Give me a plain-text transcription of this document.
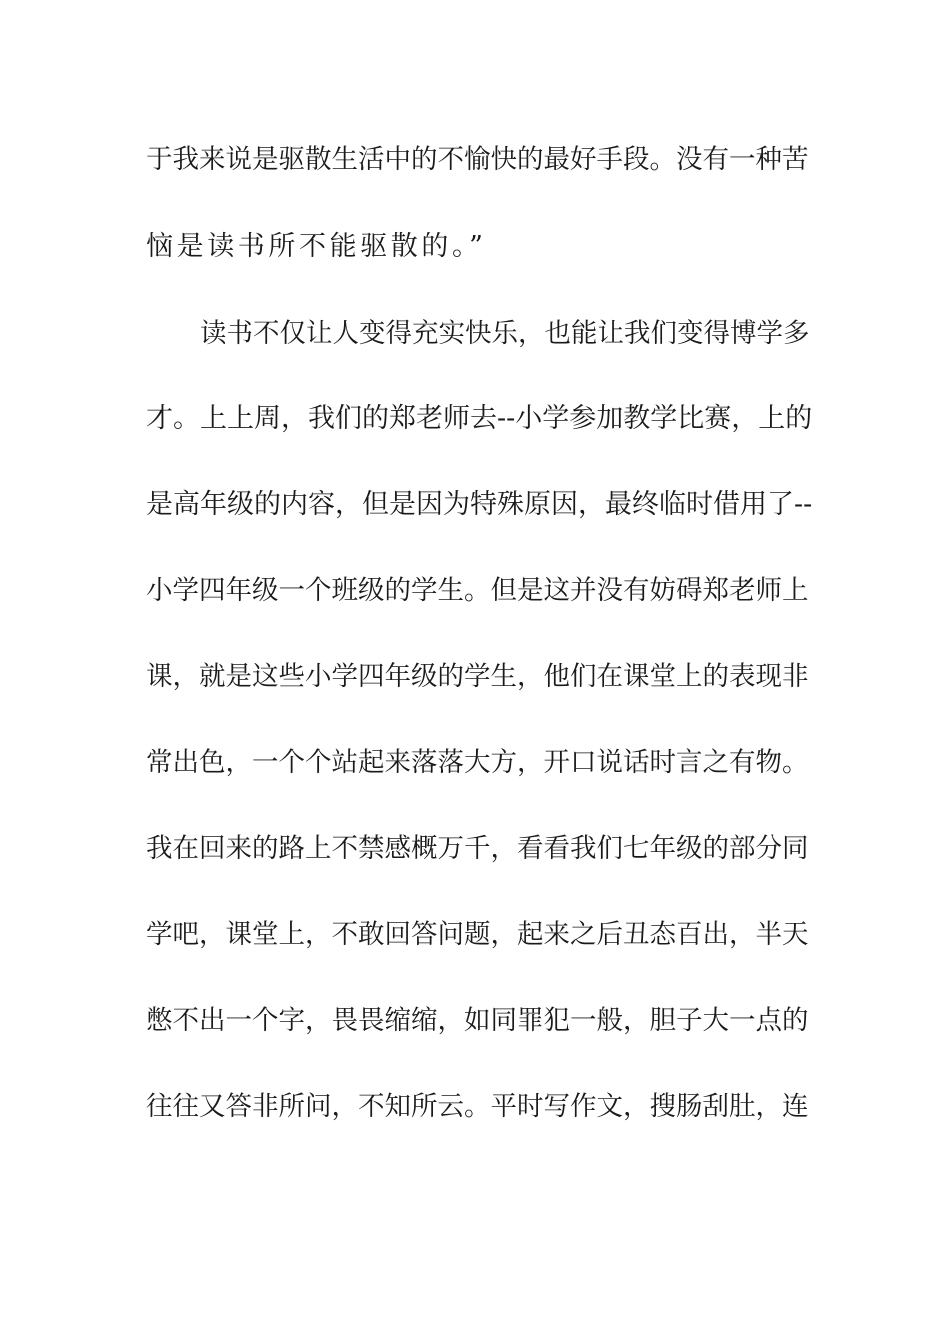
于我来说是驱散生活中的不愉快的最好手段。没有一种苦
恼是读书所不能驱散的。”
读书不仅让人变得充实快乐，也能让我们变得博学多
才。上上周，我们的郑老师去--小学参加教学比赛，上的
是高年级的内容，但是因为特殊原因，最终临时借用了--
小学四年级一个班级的学生。但是这并没有妨碍郑老师上
课，就是这些小学四年级的学生，他们在课堂上的表现非
常出色，一个个站起来落落大方，开口说话时言之有物。
我在回来的路上不禁感概万千，看看我们七年级的部分同
学吧，课堂上，不敢回答问题，起来之后丑态百出，半天
憋不出一个字，畏畏缩缩，如同罪犯一般，胆子大一点的
往往又答非所问，不知所云。平时写作文，搜肠刮肚，连
